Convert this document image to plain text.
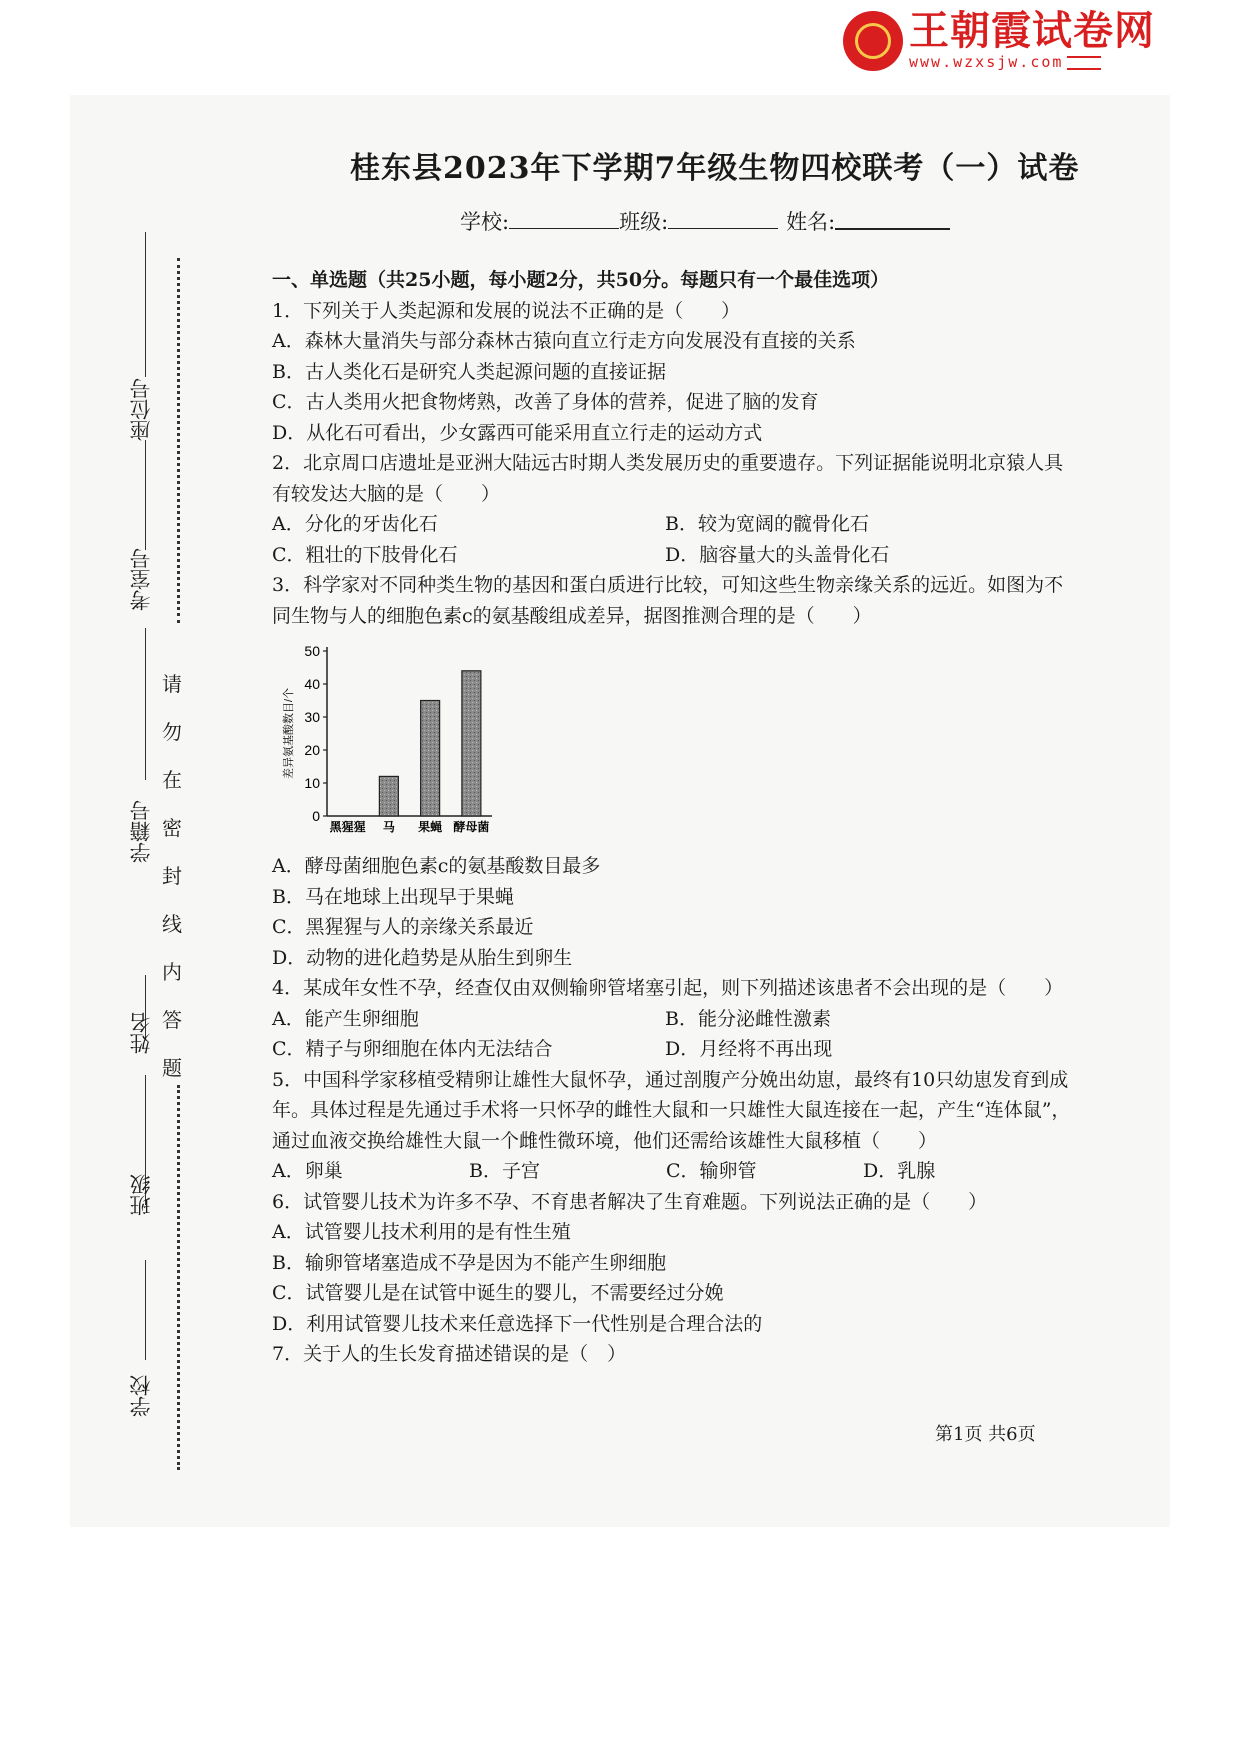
王朝霞试卷网
www.wzxsjw.com
桂东县2023年下学期7年级生物四校联考（一）试卷
学校:	班级:	姓名:
座位号
考室号
学籍号
姓名
班级
学校
请
勿
在
密
封
线
内
答
题
一、单选题（共25小题，每小题2分，共50分。每题只有一个最佳选项）
1．下列关于人类起源和发展的说法不正确的是（　　）
A．森林大量消失与部分森林古猿向直立行走方向发展没有直接的关系
B．古人类化石是研究人类起源问题的直接证据
C．古人类用火把食物烤熟，改善了身体的营养，促进了脑的发育
D．从化石可看出，少女露西可能采用直立行走的运动方式
2．北京周口店遗址是亚洲大陆远古时期人类发展历史的重要遗存。下列证据能说明北京猿人具
有较发达大脑的是（　　）
A．分化的牙齿化石	B．较为宽阔的髋骨化石
C．粗壮的下肢骨化石	D．脑容量大的头盖骨化石
3．科学家对不同种类生物的基因和蛋白质进行比较，可知这些生物亲缘关系的远近。如图为不
同生物与人的细胞色素c的氨基酸组成差异，据图推测合理的是（　　）
A．酵母菌细胞色素c的氨基酸数目最多
B．马在地球上出现早于果蝇
C．黑猩猩与人的亲缘关系最近
D．动物的进化趋势是从胎生到卵生
4．某成年女性不孕，经查仅由双侧输卵管堵塞引起，则下列描述该患者不会出现的是（　　）
A．能产生卵细胞	B．能分泌雌性激素
C．精子与卵细胞在体内无法结合	D．月经将不再出现
5．中国科学家移植受精卵让雄性大鼠怀孕，通过剖腹产分娩出幼崽，最终有10只幼崽发育到成
年。具体过程是先通过手术将一只怀孕的雌性大鼠和一只雄性大鼠连接在一起，产生“连体鼠”，
通过血液交换给雄性大鼠一个雌性微环境，他们还需给该雄性大鼠移植（　　）
A．卵巢	B．子宫	C．输卵管	D．乳腺
6．试管婴儿技术为许多不孕、不育患者解决了生育难题。下列说法正确的是（　　）
A．试管婴儿技术利用的是有性生殖
B．输卵管堵塞造成不孕是因为不能产生卵细胞
C．试管婴儿是在试管中诞生的婴儿，不需要经过分娩
D．利用试管婴儿技术来任意选择下一代性别是合理合法的
7．关于人的生长发育描述错误的是（　）
0
10
20
30
40
50
差异氨基酸数目/个
黑猩猩 马 果蝇 酵母菌
第1页 共6页
